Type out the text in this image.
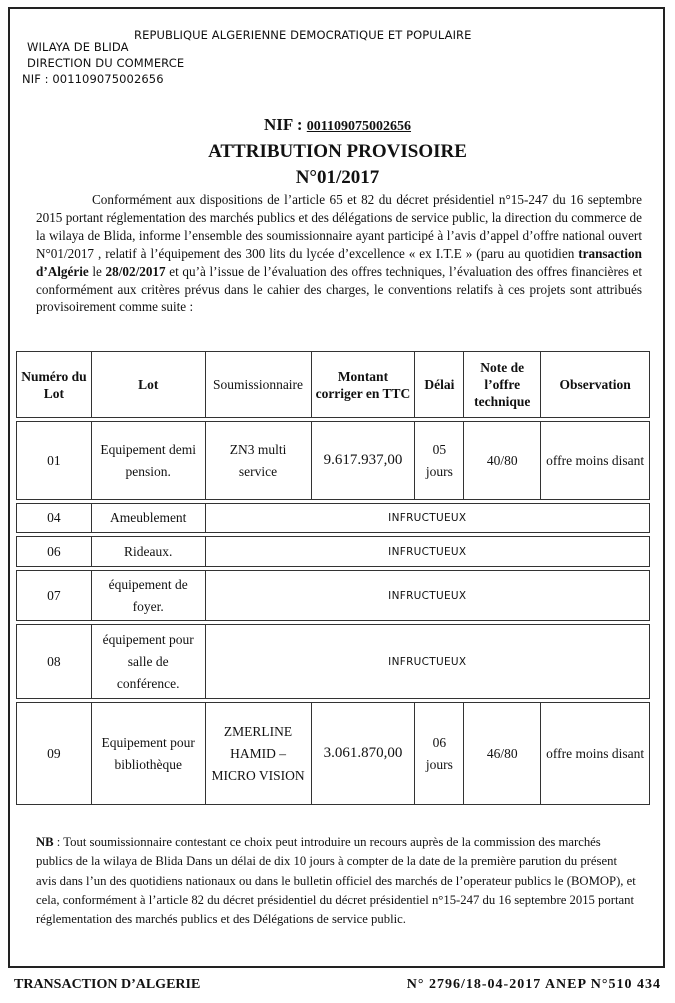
REPUBLIQUE ALGERIENNE DEMOCRATIQUE ET POPULAIRE
WILAYA DE BLIDA
DIRECTION DU COMMERCE
NIF : 001109075002656
NIF : 001109075002656
ATTRIBUTION PROVISOIRE
N°01/2017
Conformément aux dispositions de l’article 65 et 82 du décret présidentiel n°15-247 du 16 septembre 2015 portant réglementation des marchés publics et des délégations de service public, la direction du commerce de la wilaya de Blida, informe l’ensemble des soumissionnaire ayant participé à l’avis d’appel d’offre national ouvert N°01/2017 , relatif à l’équipement des 300 lits du lycée d’excellence « ex I.T.E » (paru au quotidien transaction d’Algérie le 28/02/2017 et qu’à l’issue de l’évaluation des offres techniques, l’évaluation des offres financières et conformément aux critères prévus dans le cahier des charges, le conventions relatifs à ces projets sont attribués provisoirement comme suite :
Numéro du Lot	Lot	Soumissionnaire	Montant corriger en TTC	Délai	Note de l’offre technique	Observation

01	Equipement demi pension.	ZN3 multi service	9.617.937,00	05 jours	40/80	offre moins disant

04	Ameublement	INFRUCTUEUX				

06	Rideaux.	INFRUCTUEUX				

07	équipement de foyer.	INFRUCTUEUX				

08	équipement pour salle de conférence.	INFRUCTUEUX				

09	Equipement pour bibliothèque	ZMERLINE HAMID – MICRO VISION	3.061.870,00	06 jours	46/80	offre moins disant
NB : Tout soumissionnaire contestant ce choix peut introduire un recours auprès de la commission des marchés publics de la wilaya de Blida Dans un délai de dix 10 jours à compter de la date de la première parution du présent avis dans l’un des quotidiens nationaux ou dans le bulletin officiel des marchés de l’operateur publics le (BOMOP), et cela, conformément à l’article 82 du décret présidentiel du décret présidentiel n°15-247 du 16 septembre 2015 portant réglementation des marchés publics et des Délégations de service public.
TRANSACTION D’ALGERIE	N° 2796/18-04-2017 ANEP N°510 434
